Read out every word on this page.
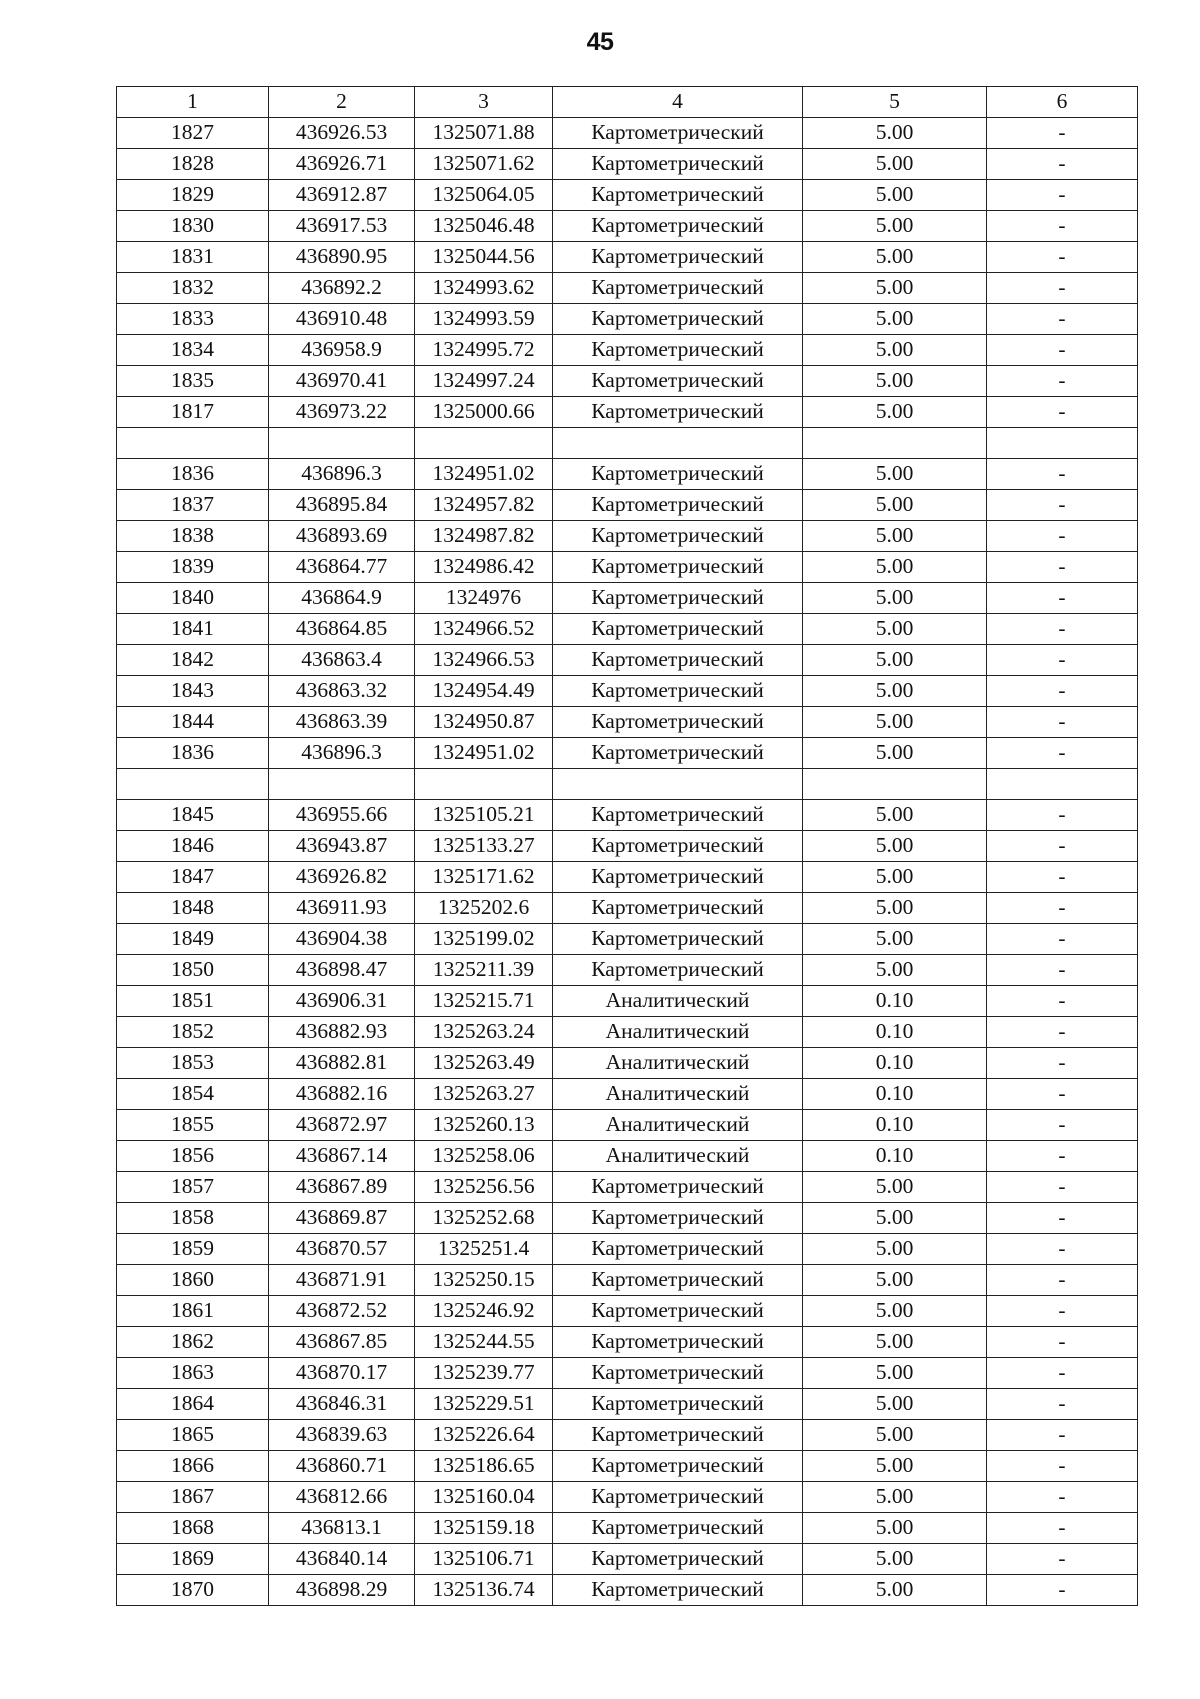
45
1	2	3	4	5	6
1827	436926.53	1325071.88	Картометрический	5.00	-
1828	436926.71	1325071.62	Картометрический	5.00	-
1829	436912.87	1325064.05	Картометрический	5.00	-
1830	436917.53	1325046.48	Картометрический	5.00	-
1831	436890.95	1325044.56	Картометрический	5.00	-
1832	436892.2	1324993.62	Картометрический	5.00	-
1833	436910.48	1324993.59	Картометрический	5.00	-
1834	436958.9	1324995.72	Картометрический	5.00	-
1835	436970.41	1324997.24	Картометрический	5.00	-
1817	436973.22	1325000.66	Картометрический	5.00	-

1836	436896.3	1324951.02	Картометрический	5.00	-
1837	436895.84	1324957.82	Картометрический	5.00	-
1838	436893.69	1324987.82	Картометрический	5.00	-
1839	436864.77	1324986.42	Картометрический	5.00	-
1840	436864.9	1324976	Картометрический	5.00	-
1841	436864.85	1324966.52	Картометрический	5.00	-
1842	436863.4	1324966.53	Картометрический	5.00	-
1843	436863.32	1324954.49	Картометрический	5.00	-
1844	436863.39	1324950.87	Картометрический	5.00	-
1836	436896.3	1324951.02	Картометрический	5.00	-

1845	436955.66	1325105.21	Картометрический	5.00	-
1846	436943.87	1325133.27	Картометрический	5.00	-
1847	436926.82	1325171.62	Картометрический	5.00	-
1848	436911.93	1325202.6	Картометрический	5.00	-
1849	436904.38	1325199.02	Картометрический	5.00	-
1850	436898.47	1325211.39	Картометрический	5.00	-
1851	436906.31	1325215.71	Аналитический	0.10	-
1852	436882.93	1325263.24	Аналитический	0.10	-
1853	436882.81	1325263.49	Аналитический	0.10	-
1854	436882.16	1325263.27	Аналитический	0.10	-
1855	436872.97	1325260.13	Аналитический	0.10	-
1856	436867.14	1325258.06	Аналитический	0.10	-
1857	436867.89	1325256.56	Картометрический	5.00	-
1858	436869.87	1325252.68	Картометрический	5.00	-
1859	436870.57	1325251.4	Картометрический	5.00	-
1860	436871.91	1325250.15	Картометрический	5.00	-
1861	436872.52	1325246.92	Картометрический	5.00	-
1862	436867.85	1325244.55	Картометрический	5.00	-
1863	436870.17	1325239.77	Картометрический	5.00	-
1864	436846.31	1325229.51	Картометрический	5.00	-
1865	436839.63	1325226.64	Картометрический	5.00	-
1866	436860.71	1325186.65	Картометрический	5.00	-
1867	436812.66	1325160.04	Картометрический	5.00	-
1868	436813.1	1325159.18	Картометрический	5.00	-
1869	436840.14	1325106.71	Картометрический	5.00	-
1870	436898.29	1325136.74	Картометрический	5.00	-
